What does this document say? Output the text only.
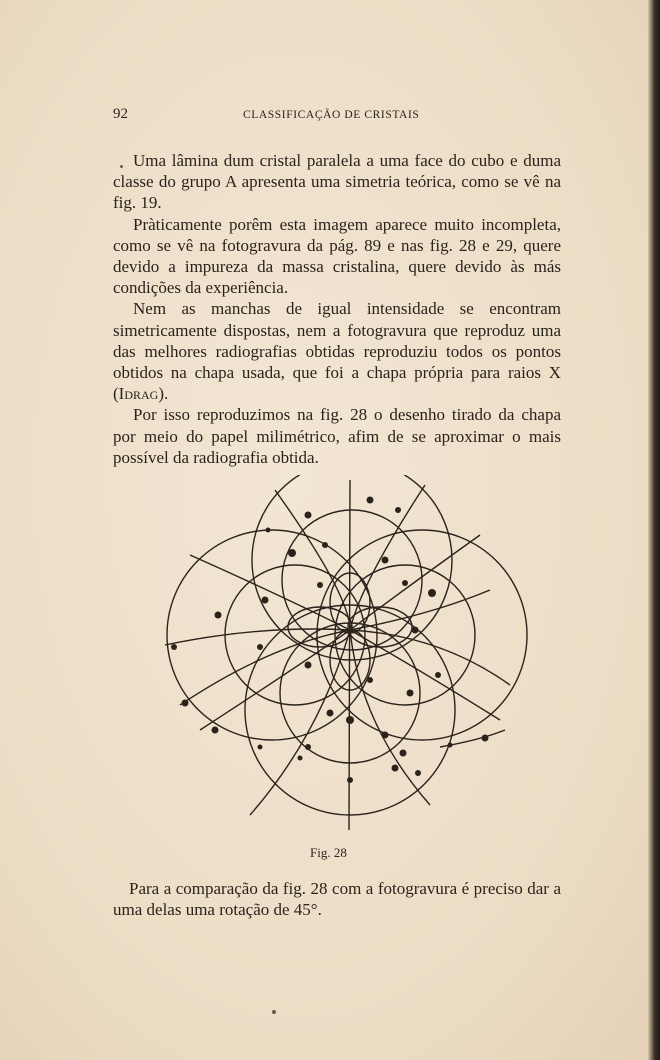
92	CLASSIFICAÇÃO DE CRISTAIS

Uma lâmina dum cristal paralela a uma face do cubo e duma classe do grupo A apresenta uma simetria teórica, como se vê na fig. 19.

Pràticamente porêm esta imagem aparece muito incompleta, como se vê na fotogravura da pág. 89 e nas fig. 28 e 29, quere devido a impureza da massa cristalina, quere devido às más condições da experiência.

Nem as manchas de igual intensidade se encontram simetricamente dispostas, nem a fotogravura que reproduz uma das melhores radiografias obtidas reproduziu todos os pontos obtidos na chapa usada, que foi a chapa própria para raios X (Idrag).

Por isso reproduzimos na fig. 28 o desenho tirado da chapa por meio do papel milimétrico, afim de se aproximar o mais possível da radiografia obtida.

Fig. 28

Para a comparação da fig. 28 com a fotogravura é preciso dar a uma delas uma rotação de 45°.
